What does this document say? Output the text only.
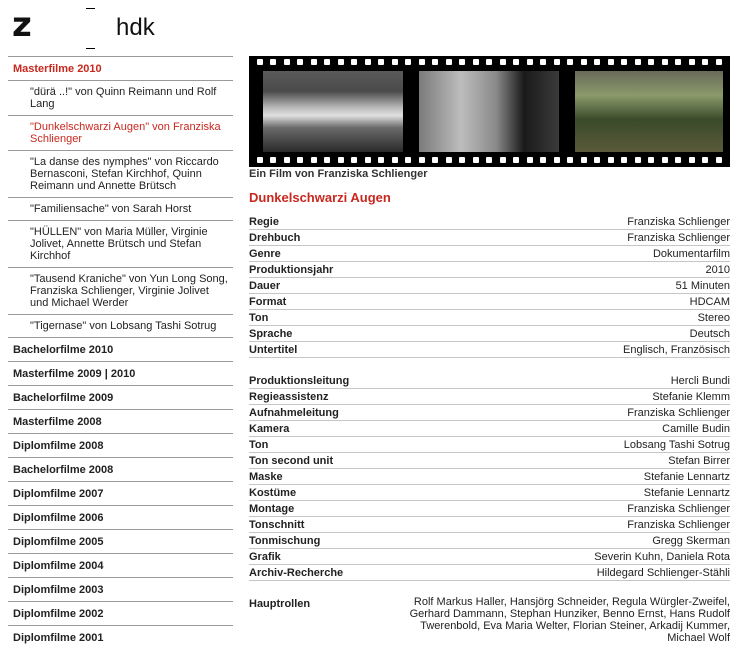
z	hdk
Masterfilme 2010
"dürä ..!" von Quinn Reimann und Rolf Lang
"Dunkelschwarzi Augen" von Franziska Schlienger
"La danse des nymphes" von Riccardo Bernasconi, Stefan Kirchhof, Quinn Reimann und Annette Brütsch
"Familiensache" von Sarah Horst
"HÜLLEN" von Maria Müller, Virginie Jolivet, Annette Brütsch und Stefan Kirchhof
"Tausend Kraniche" von Yun Long Song, Franziska Schlienger, Virginie Jolivet und Michael Werder
"Tigernase" von Lobsang Tashi Sotrug
Bachelorfilme 2010
Masterfilme 2009 | 2010
Bachelorfilme 2009
Masterfilme 2008
Diplomfilme 2008
Bachelorfilme 2008
Diplomfilme 2007
Diplomfilme 2006
Diplomfilme 2005
Diplomfilme 2004
Diplomfilme 2003
Diplomfilme 2002
Diplomfilme 2001
Ein Film von Franziska Schlienger
Dunkelschwarzi Augen
Regie	Franziska Schlienger
Drehbuch	Franziska Schlienger
Genre	Dokumentarfilm
Produktionsjahr	2010
Dauer	51 Minuten
Format	HDCAM
Ton	Stereo
Sprache	Deutsch
Untertitel	Englisch, Französisch
Produktionsleitung	Hercli Bundi
Regieassistenz	Stefanie Klemm
Aufnahmeleitung	Franziska Schlienger
Kamera	Camille Budin
Ton	Lobsang Tashi Sotrug
Ton second unit	Stefan Birrer
Maske	Stefanie Lennartz
Kostüme	Stefanie Lennartz
Montage	Franziska Schlienger
Tonschnitt	Franziska Schlienger
Tonmischung	Gregg Skerman
Grafik	Severin Kuhn, Daniela Rota
Archiv-Recherche	Hildegard Schlienger-Stähli
Hauptrollen	Rolf Markus Haller, Hansjörg Schneider, Regula Würgler-Zweifel, Gerhard Dammann, Stephan Hunziker, Benno Ernst, Hans Rudolf Twerenbold, Eva Maria Welter, Florian Steiner, Arkadij Kummer, Michael Wolf
